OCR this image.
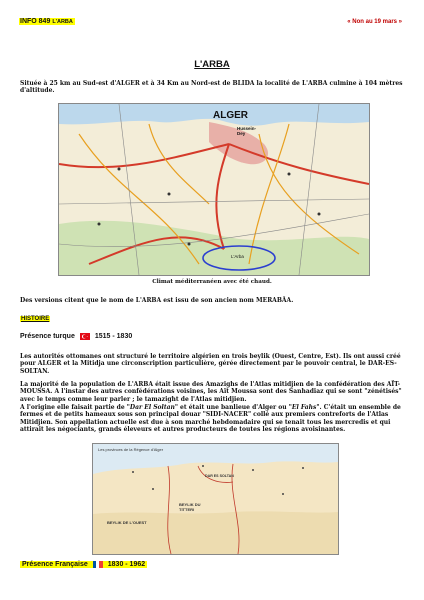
INFO 849 L'ARBA	« Non au 19 mars »
L'ARBA
Située à 25 km au Sud-est d'ALGER et à 34 Km au Nord-est de BLIDA la localité de L'ARBA culmine à 104 mètres d'altitude.
ALGER
Hussein-Dey
L'Arba
Climat méditerranéen avec été chaud.
Des versions citent que le nom de L'ARBA est issu de son ancien nom MERABÂA.
HISTOIRE
Présence turque	1515 - 1830
Les autorités ottomanes ont structuré le territoire algérien en trois beylik (Ouest, Centre, Est). Ils ont aussi créé pour ALGER et la Mitidja une circonscription particulière, gérée directement par le pouvoir central, le DAR-ES-SOLTAN.
La majorité de la population de L'ARBA était issue des Amazighs de l'Atlas mitidjien de la confédération des AÏT-MOUSSA. A l'instar des autres confédérations voisines, les Aït Moussa sont des Sanhadiaz qui se sont "zénétisés" avec le temps comme leur parler ; le tamazight de l'Atlas mitidjien.
A l'origine elle faisait partie de "Dar El Soltan" et était une banlieue d'Alger ou "El Fahs". C'était un ensemble de fermes et de petits hameaux sous son principal douar "SIDI-NACER" collé aux premiers contreforts de l'Atlas Mitidjien. Son appellation actuelle est due à son marché hebdomadaire qui se tenait tous les mercredis et qui attirait les négociants, grands éleveurs et autres producteurs de toutes les régions avoisinantes.
Les provinces de la Régence d'Alger
BEYLIK DE L'OUEST
BEYLIK DU TITTERI
DAR ES SOLTAN
Présence Française	1830 - 1962
